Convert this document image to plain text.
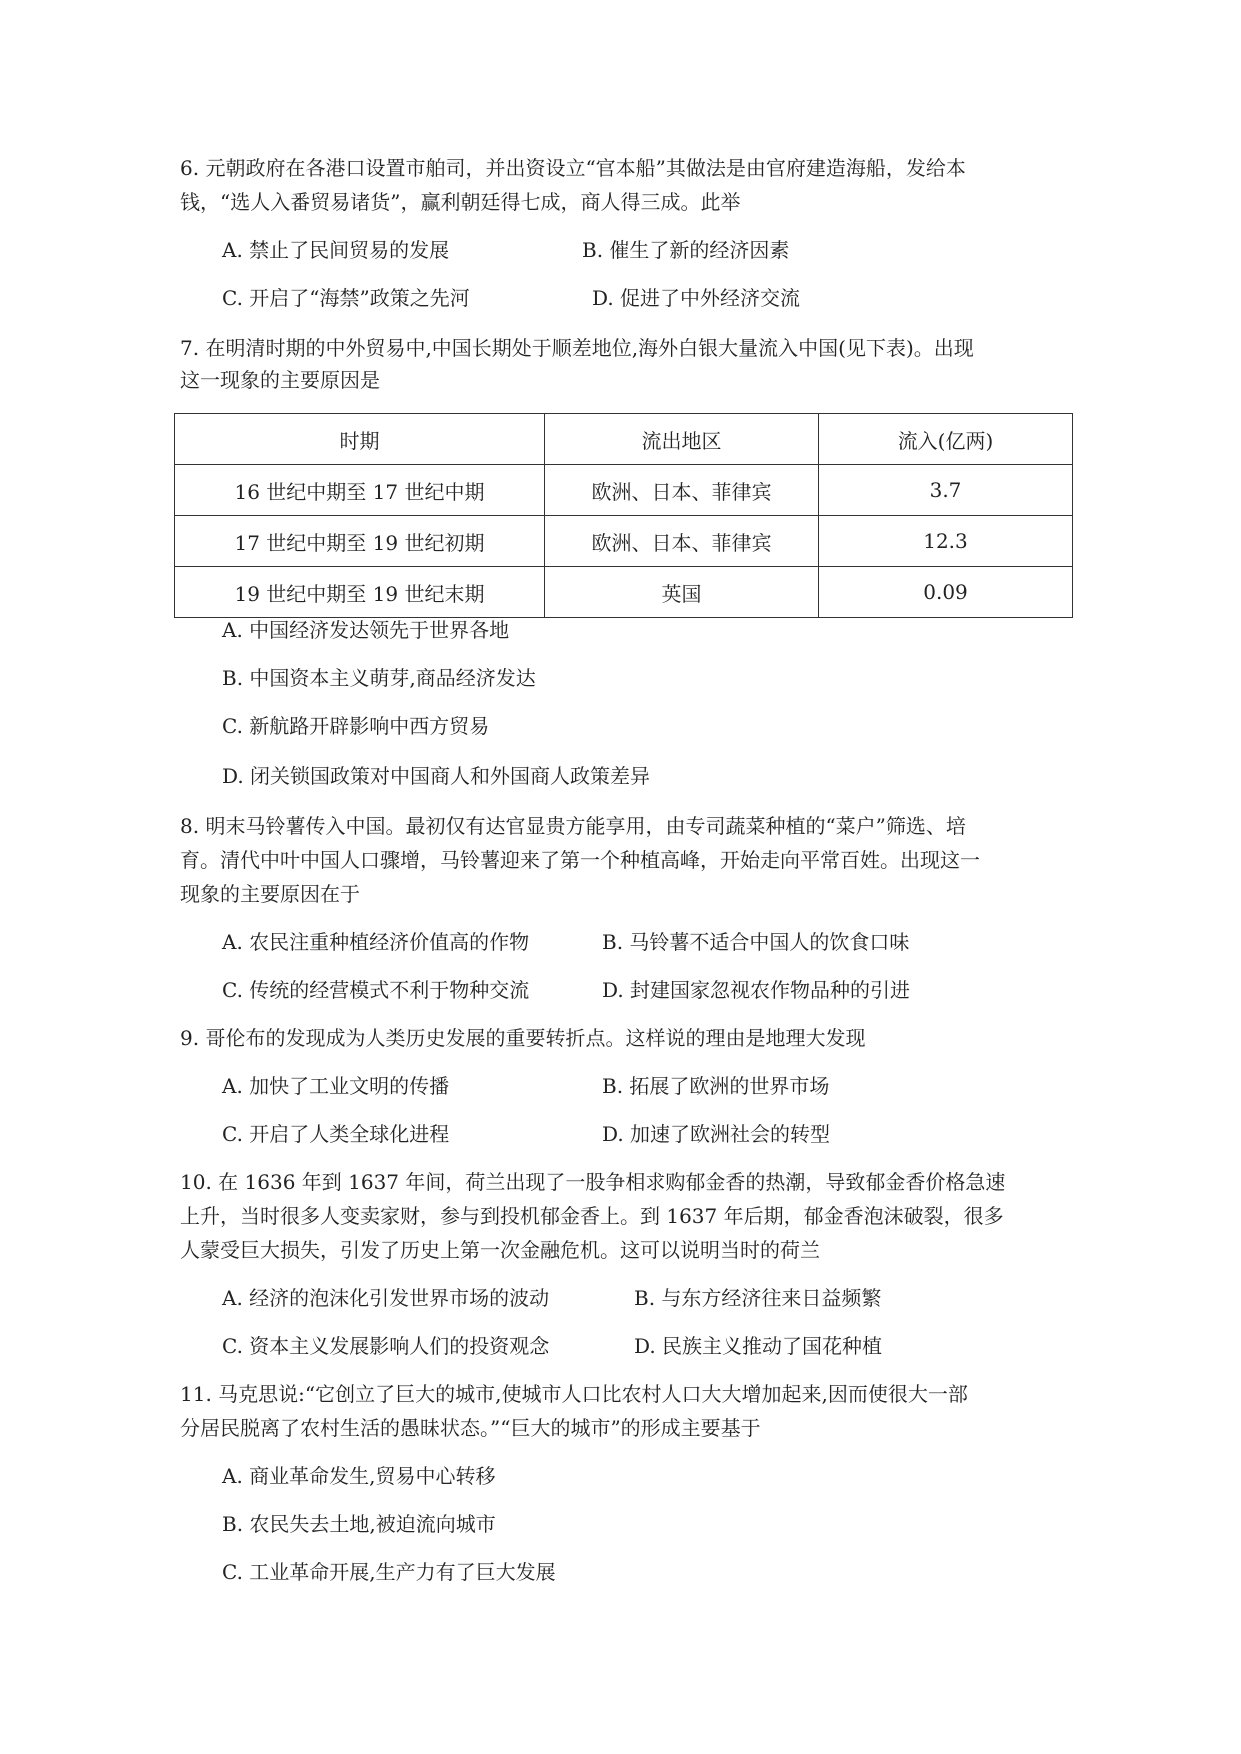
6. 元朝政府在各港口设置市舶司，并出资设立“官本船”其做法是由官府建造海船，发给本
钱，“选人入番贸易诸货”，赢利朝廷得七成，商人得三成。此举
A. 禁止了民间贸易的发展	B. 催生了新的经济因素
C. 开启了“海禁”政策之先河	D. 促进了中外经济交流
7. 在明清时期的中外贸易中,中国长期处于顺差地位,海外白银大量流入中国(见下表)。出现
这一现象的主要原因是
时期	流出地区	流入(亿两)
16 世纪中期至 17 世纪中期	欧洲、日本、菲律宾	3.7
17 世纪中期至 19 世纪初期	欧洲、日本、菲律宾	12.3
19 世纪中期至 19 世纪末期	英国	0.09
A. 中国经济发达领先于世界各地
B. 中国资本主义萌芽,商品经济发达
C. 新航路开辟影响中西方贸易
D. 闭关锁国政策对中国商人和外国商人政策差异
8. 明末马铃薯传入中国。最初仅有达官显贵方能享用，由专司蔬菜种植的“菜户”筛选、培
育。清代中叶中国人口骤增，马铃薯迎来了第一个种植高峰，开始走向平常百姓。出现这一
现象的主要原因在于
A. 农民注重种植经济价值高的作物	B. 马铃薯不适合中国人的饮食口味
C. 传统的经营模式不利于物种交流	D. 封建国家忽视农作物品种的引进
9. 哥伦布的发现成为人类历史发展的重要转折点。这样说的理由是地理大发现
A. 加快了工业文明的传播	B. 拓展了欧洲的世界市场
C. 开启了人类全球化进程	D. 加速了欧洲社会的转型
10. 在 1636 年到 1637 年间，荷兰出现了一股争相求购郁金香的热潮，导致郁金香价格急速
上升，当时很多人变卖家财，参与到投机郁金香上。到 1637 年后期，郁金香泡沫破裂，很多
人蒙受巨大损失，引发了历史上第一次金融危机。这可以说明当时的荷兰
A. 经济的泡沫化引发世界市场的波动	B. 与东方经济往来日益频繁
C. 资本主义发展影响人们的投资观念	D. 民族主义推动了国花种植
11. 马克思说:“它创立了巨大的城市,使城市人口比农村人口大大增加起来,因而使很大一部
分居民脱离了农村生活的愚昧状态。”“巨大的城市”的形成主要基于
A. 商业革命发生,贸易中心转移
B. 农民失去土地,被迫流向城市
C. 工业革命开展,生产力有了巨大发展
